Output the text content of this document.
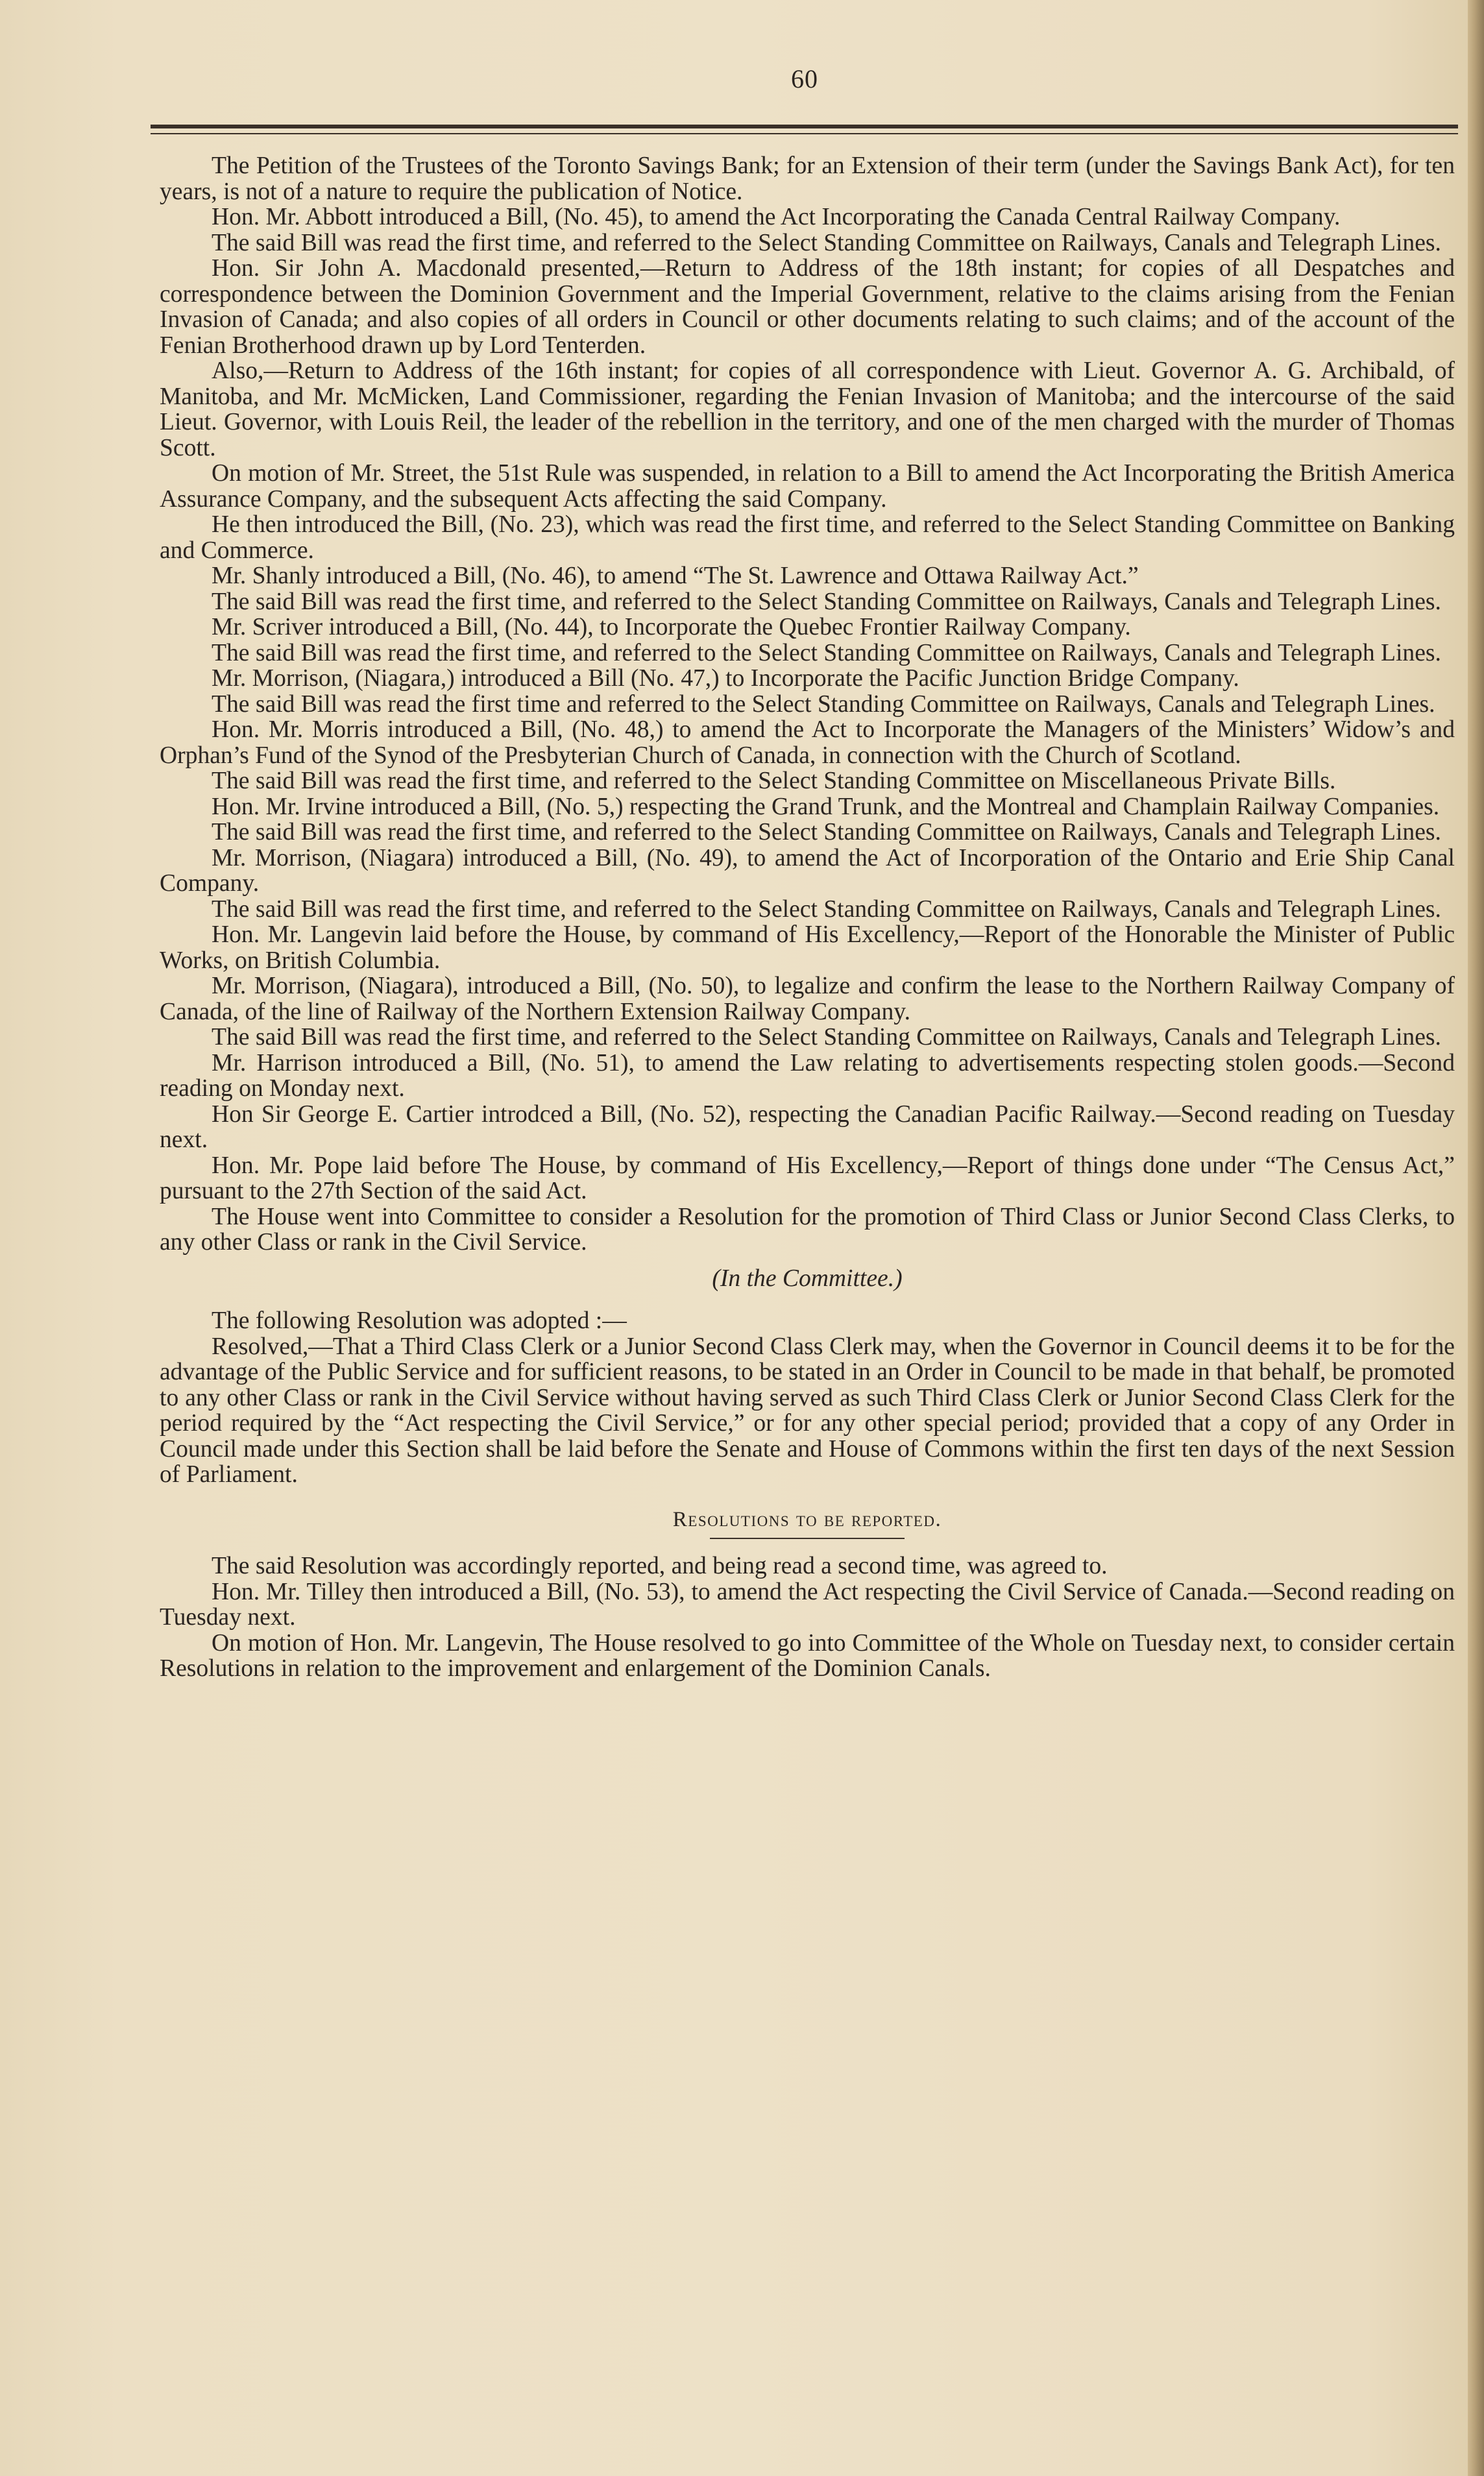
60

The Petition of the Trustees of the Toronto Savings Bank; for an Extension of their term (under the Savings Bank Act), for ten years, is not of a nature to require the publication of Notice.

Hon. Mr. Abbott introduced a Bill, (No. 45), to amend the Act Incorporating the Canada Central Railway Company.

The said Bill was read the first time, and referred to the Select Standing Committee on Railways, Canals and Telegraph Lines.

Hon. Sir John A. Macdonald presented,—Return to Address of the 18th instant; for copies of all Despatches and correspondence between the Dominion Government and the Imperial Government, relative to the claims arising from the Fenian Invasion of Canada; and also copies of all orders in Council or other documents relating to such claims; and of the account of the Fenian Brotherhood drawn up by Lord Tenterden.

Also,—Return to Address of the 16th instant; for copies of all correspondence with Lieut. Governor A. G. Archibald, of Manitoba, and Mr. McMicken, Land Commissioner, regarding the Fenian Invasion of Manitoba; and the intercourse of the said Lieut. Governor, with Louis Reil, the leader of the rebellion in the territory, and one of the men charged with the murder of Thomas Scott.

On motion of Mr. Street, the 51st Rule was suspended, in relation to a Bill to amend the Act Incorporating the British America Assurance Company, and the subsequent Acts affecting the said Company.

He then introduced the Bill, (No. 23), which was read the first time, and referred to the Select Standing Committee on Banking and Commerce.

Mr. Shanly introduced a Bill, (No. 46), to amend “The St. Lawrence and Ottawa Railway Act.”

The said Bill was read the first time, and referred to the Select Standing Committee on Railways, Canals and Telegraph Lines.

Mr. Scriver introduced a Bill, (No. 44), to Incorporate the Quebec Frontier Railway Company.

The said Bill was read the first time, and referred to the Select Standing Committee on Railways, Canals and Telegraph Lines.

Mr. Morrison, (Niagara,) introduced a Bill (No. 47,) to Incorporate the Pacific Junction Bridge Company.

The said Bill was read the first time and referred to the Select Standing Committee on Railways, Canals and Telegraph Lines.

Hon. Mr. Morris introduced a Bill, (No. 48,) to amend the Act to Incorporate the Managers of the Ministers’ Widow’s and Orphan’s Fund of the Synod of the Presbyterian Church of Canada, in connection with the Church of Scotland.

The said Bill was read the first time, and referred to the Select Standing Committee on Miscellaneous Private Bills.

Hon. Mr. Irvine introduced a Bill, (No. 5,) respecting the Grand Trunk, and the Montreal and Champlain Railway Companies.

The said Bill was read the first time, and referred to the Select Standing Committee on Railways, Canals and Telegraph Lines.

Mr. Morrison, (Niagara) introduced a Bill, (No. 49), to amend the Act of Incorporation of the Ontario and Erie Ship Canal Company.

The said Bill was read the first time, and referred to the Select Standing Committee on Railways, Canals and Telegraph Lines.

Hon. Mr. Langevin laid before the House, by command of His Excellency,—Report of the Honorable the Minister of Public Works, on British Columbia.

Mr. Morrison, (Niagara), introduced a Bill, (No. 50), to legalize and confirm the lease to the Northern Railway Company of Canada, of the line of Railway of the Northern Extension Railway Company.

The said Bill was read the first time, and referred to the Select Standing Committee on Railways, Canals and Telegraph Lines.

Mr. Harrison introduced a Bill, (No. 51), to amend the Law relating to advertisements respecting stolen goods.—Second reading on Monday next.

Hon Sir George E. Cartier introdced a Bill, (No. 52), respecting the Canadian Pacific Railway.—Second reading on Tuesday next.

Hon. Mr. Pope laid before The House, by command of His Excellency,—Report of things done under “The Census Act,” pursuant to the 27th Section of the said Act.

The House went into Committee to consider a Resolution for the promotion of Third Class or Junior Second Class Clerks, to any other Class or rank in the Civil Service.

(In the Committee.)

The following Resolution was adopted :—

Resolved,—That a Third Class Clerk or a Junior Second Class Clerk may, when the Governor in Council deems it to be for the advantage of the Public Service and for sufficient reasons, to be stated in an Order in Council to be made in that behalf, be promoted to any other Class or rank in the Civil Service without having served as such Third Class Clerk or Junior Second Class Clerk for the period required by the “Act respecting the Civil Service,” or for any other special period; provided that a copy of any Order in Council made under this Section shall be laid before the Senate and House of Commons within the first ten days of the next Session of Parliament.

Resolutions to be reported.

The said Resolution was accordingly reported, and being read a second time, was agreed to.

Hon. Mr. Tilley then introduced a Bill, (No. 53), to amend the Act respecting the Civil Service of Canada.—Second reading on Tuesday next.

On motion of Hon. Mr. Langevin, The House resolved to go into Committee of the Whole on Tuesday next, to consider certain Resolutions in relation to the improvement and enlargement of the Dominion Canals.
